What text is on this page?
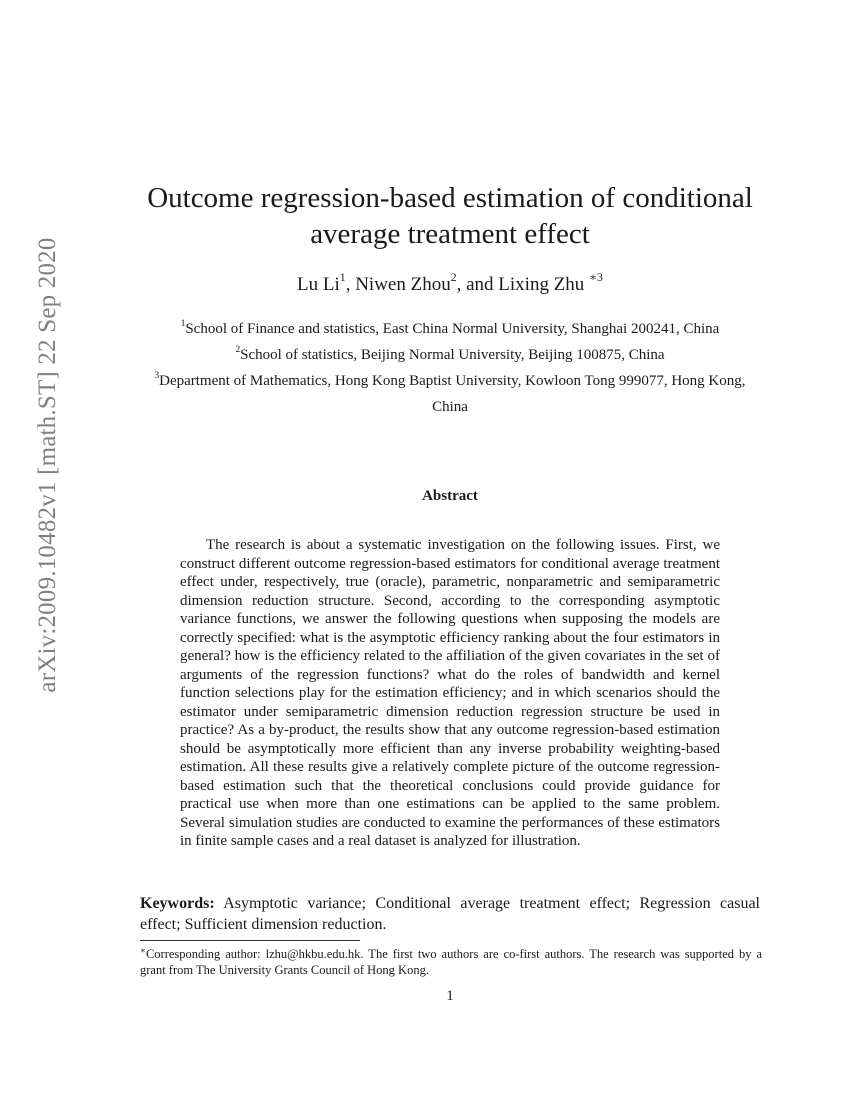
arXiv:2009.10482v1 [math.ST] 22 Sep 2020
Outcome regression-based estimation of conditional
average treatment effect
Lu Li$^1$, Niwen Zhou$^2$, and Lixing Zhu $^{∗3}$
$^1$School of Finance and statistics, East China Normal University, Shanghai 200241, China
$^2$School of statistics, Beijing Normal University, Beijing 100875, China
$^3$Department of Mathematics, Hong Kong Baptist University, Kowloon Tong 999077, Hong Kong, China
Abstract
The research is about a systematic investigation on the following issues. First, we construct different outcome regression-based estimators for conditional average treatment effect under, respectively, true (oracle), parametric, nonparametric and semiparametric dimension reduction structure. Second, according to the corresponding asymptotic variance functions, we answer the following questions when supposing the models are correctly specified: what is the asymptotic efficiency ranking about the four estimators in general? how is the efficiency related to the affiliation of the given covariates in the set of arguments of the regression functions? what do the roles of bandwidth and kernel function selections play for the estimation efficiency; and in which scenarios should the estimator under semiparametric dimension reduction regression structure be used in practice? As a by-product, the results show that any outcome regression-based estimation should be asymptotically more efficient than any inverse probability weighting-based estimation. All these results give a relatively complete picture of the outcome regression-based estimation such that the theoretical conclusions could provide guidance for practical use when more than one estimations can be applied to the same problem. Several simulation studies are conducted to examine the performances of these estimators in finite sample cases and a real dataset is analyzed for illustration.
Keywords: Asymptotic variance; Conditional average treatment effect; Regression casual effect; Sufficient dimension reduction.
∗Corresponding author: lzhu@hkbu.edu.hk. The first two authors are co-first authors. The research was supported by a grant from The University Grants Council of Hong Kong.
1
